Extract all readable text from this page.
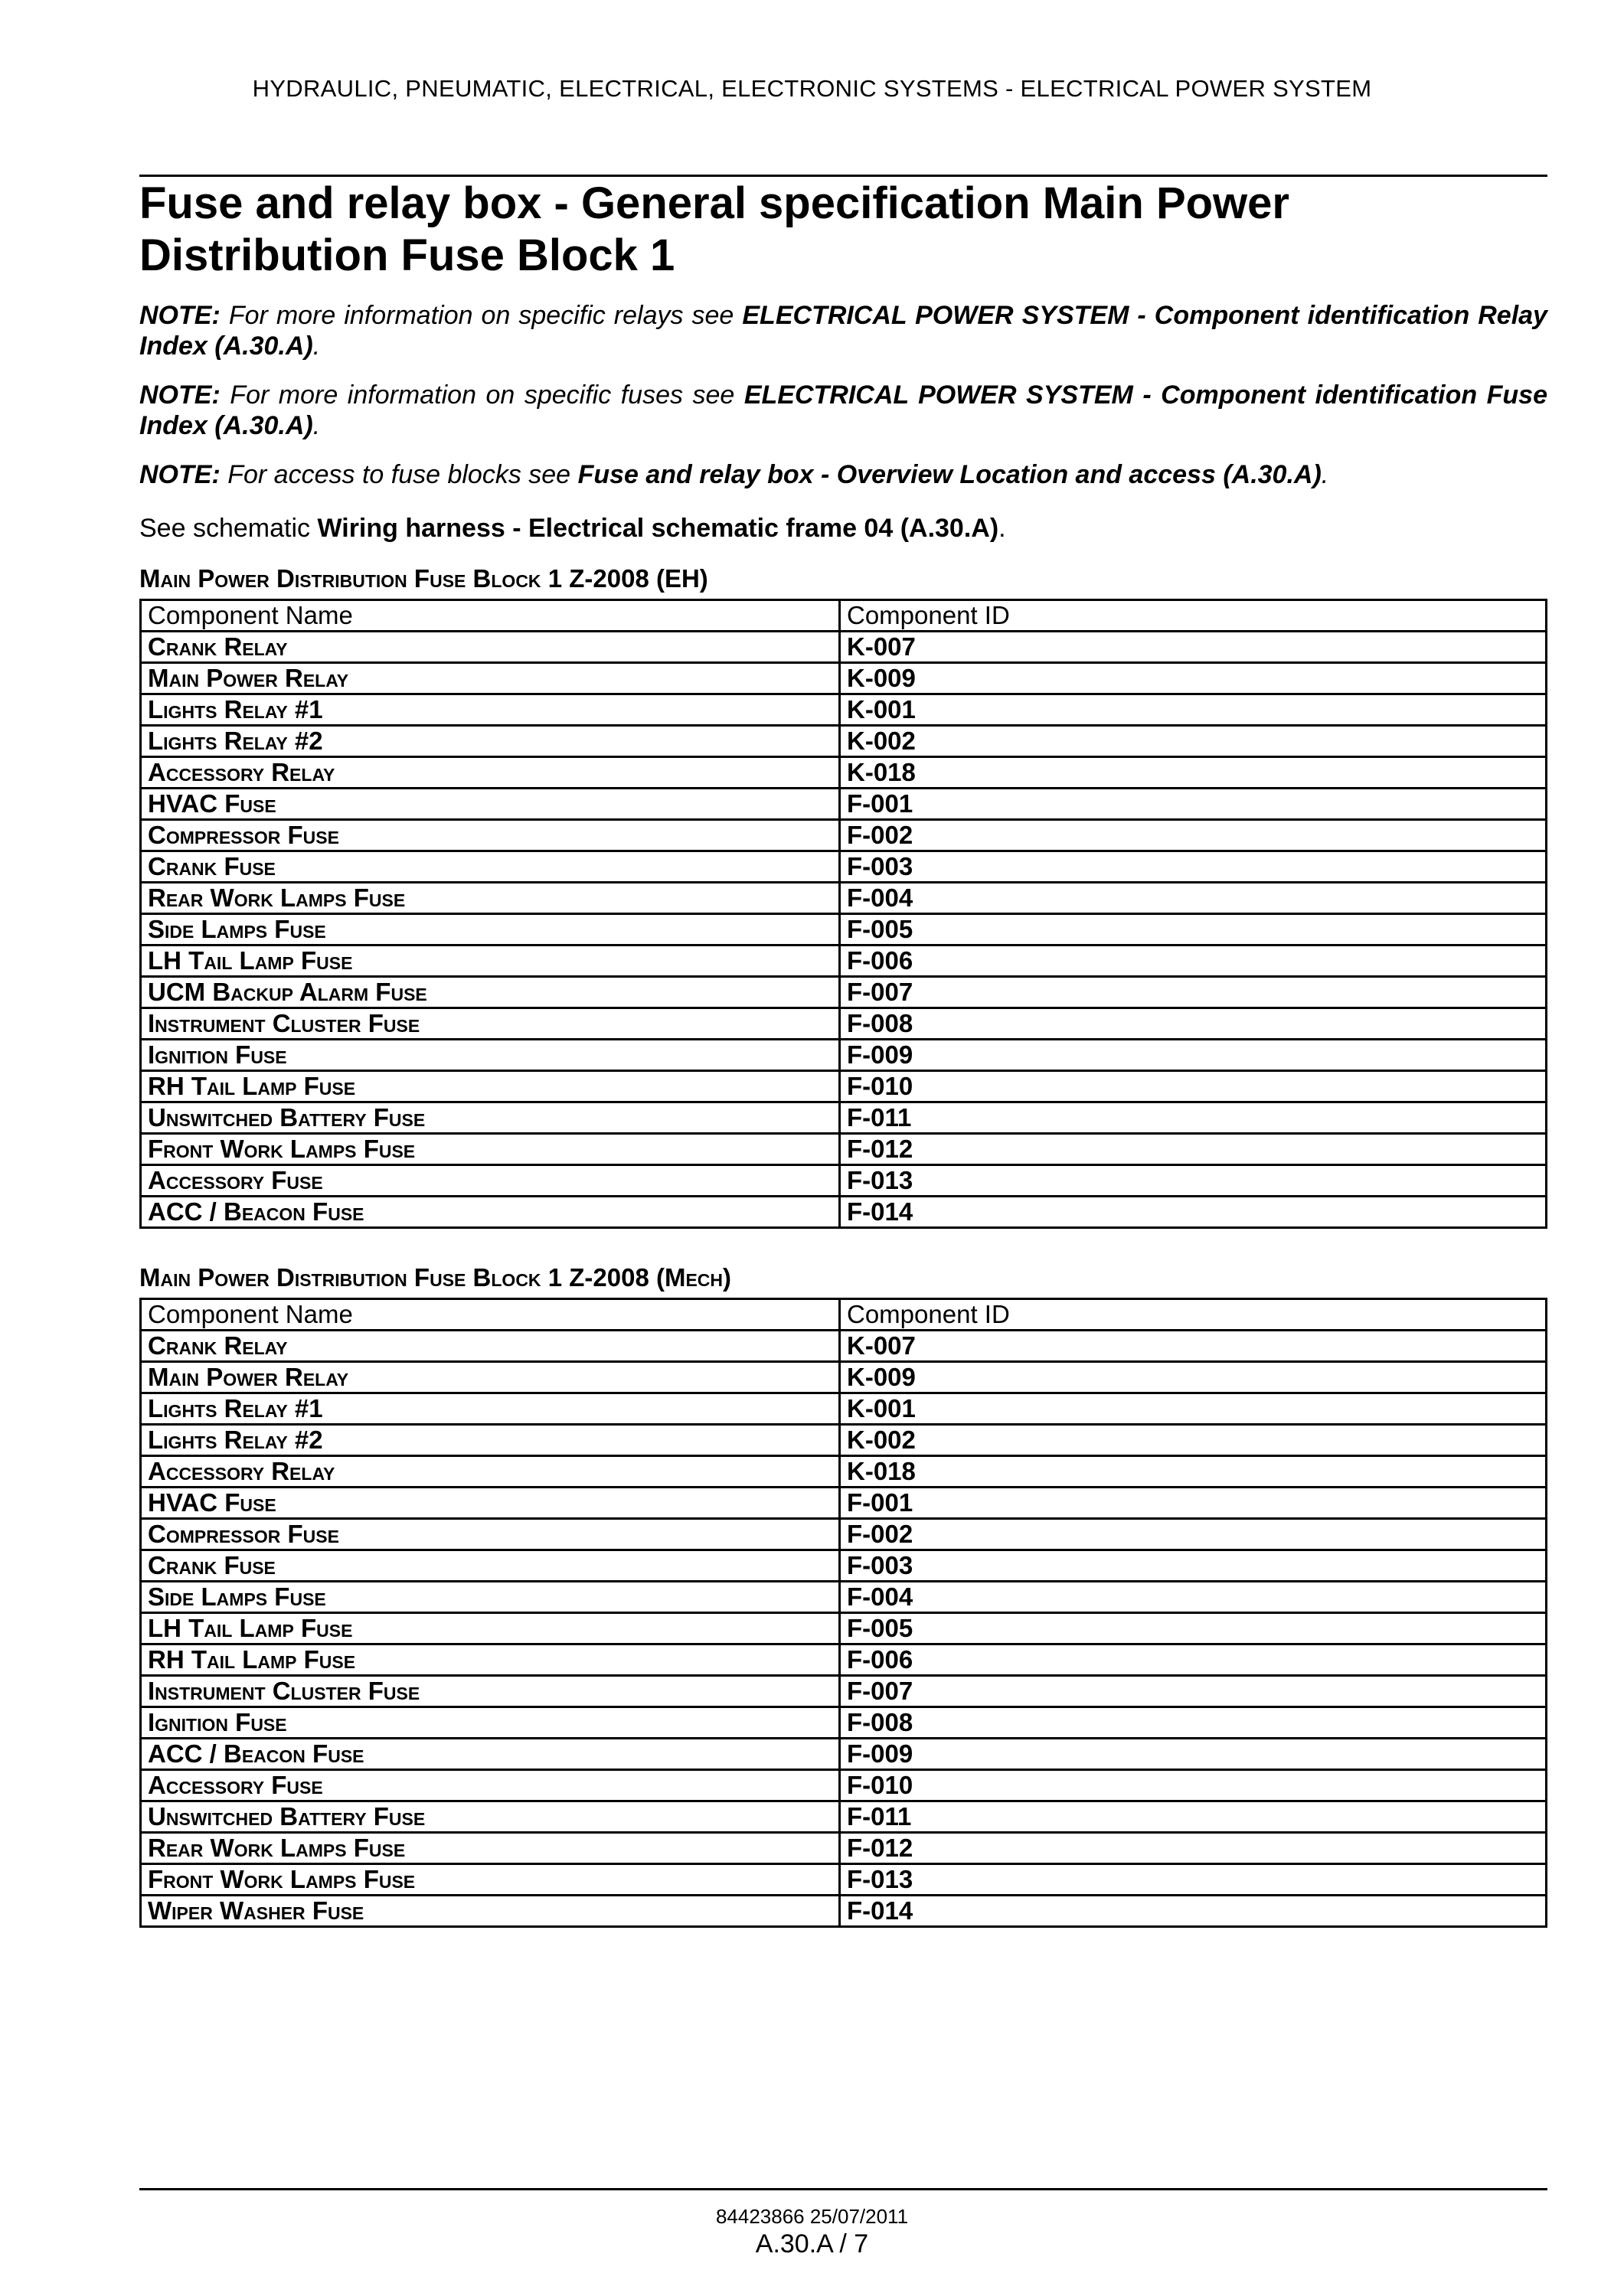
HYDRAULIC, PNEUMATIC, ELECTRICAL, ELECTRONIC SYSTEMS - ELECTRICAL POWER SYSTEM
Fuse and relay box - General specification Main Power Distribution Fuse Block 1

NOTE: For more information on specific relays see ELECTRICAL POWER SYSTEM - Component identification Relay Index (A.30.A).

NOTE: For more information on specific fuses see ELECTRICAL POWER SYSTEM - Component identification Fuse Index (A.30.A).

NOTE: For access to fuse blocks see Fuse and relay box - Overview Location and access (A.30.A).

See schematic Wiring harness - Electrical schematic frame 04 (A.30.A).

Main Power Distribution Fuse Block 1 Z-2008 (EH)

Component Name	Component ID
Crank Relay	K-007
Main Power Relay	K-009
Lights Relay #1	K-001
Lights Relay #2	K-002
Accessory Relay	K-018
HVAC Fuse	F-001
Compressor Fuse	F-002
Crank Fuse	F-003
Rear Work Lamps Fuse	F-004
Side Lamps Fuse	F-005
LH Tail Lamp Fuse	F-006
UCM Backup Alarm Fuse	F-007
Instrument Cluster Fuse	F-008
Ignition Fuse	F-009
RH Tail Lamp Fuse	F-010
Unswitched Battery Fuse	F-011
Front Work Lamps Fuse	F-012
Accessory Fuse	F-013
ACC / Beacon Fuse	F-014

Main Power Distribution Fuse Block 1 Z-2008 (Mech)

Component Name	Component ID
Crank Relay	K-007
Main Power Relay	K-009
Lights Relay #1	K-001
Lights Relay #2	K-002
Accessory Relay	K-018
HVAC Fuse	F-001
Compressor Fuse	F-002
Crank Fuse	F-003
Side Lamps Fuse	F-004
LH Tail Lamp Fuse	F-005
RH Tail Lamp Fuse	F-006
Instrument Cluster Fuse	F-007
Ignition Fuse	F-008
ACC / Beacon Fuse	F-009
Accessory Fuse	F-010
Unswitched Battery Fuse	F-011
Rear Work Lamps Fuse	F-012
Front Work Lamps Fuse	F-013
Wiper Washer Fuse	F-014
84423866 25/07/2011
A.30.A / 7
